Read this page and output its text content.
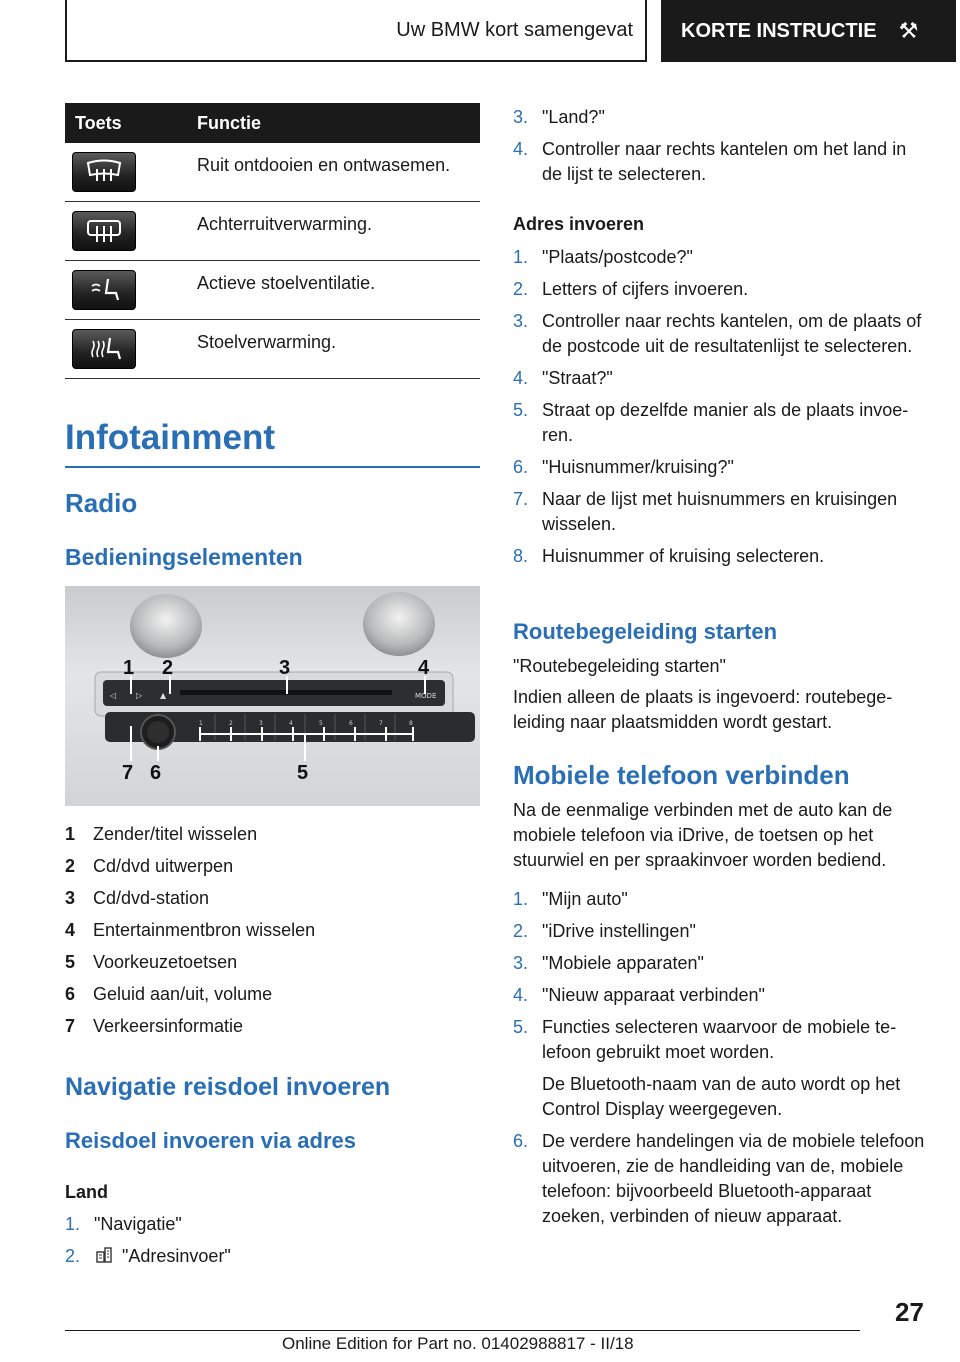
Uw BMW kort samengevat KORTE INSTRUCTIE ⚒
Toets	Functie
Ruit ontdooien en ontwasemen.
Achterruitverwarming.
Actieve stoelventilatie.
Stoelverwarming.
Infotainment
Radio
Bedieningselementen
◁ ▷ ▲	MODE
1	2	3	4	5	6	7	8
1 2	3	4
7 6	5
1 Zender/titel wisselen
2 Cd/dvd uitwerpen
3 Cd/dvd-station
4 Entertainmentbron wisselen
5 Voorkeuzetoetsen
6 Geluid aan/uit, volume
7 Verkeersinformatie
Navigatie reisdoel invoeren
Reisdoel invoeren via adres
Land
1. "Navigatie"
2.	"Adresinvoer"
3. "Land?"
4. Controller naar rechts kantelen om het land in de lijst te selecteren.
Adres invoeren
1. "Plaats/postcode?"
2. Letters of cijfers invoeren.
3. Controller naar rechts kantelen, om de plaats of de postcode uit de resultatenlijst te selecteren.
4. "Straat?"
5. Straat op dezelfde manier als de plaats invoeren.
6. "Huisnummer/kruising?"
7. Naar de lijst met huisnummers en kruisingen wisselen.
8. Huisnummer of kruising selecteren.
Routebegeleiding starten
"Routebegeleiding starten"
Indien alleen de plaats is ingevoerd: routebegeleiding naar plaatsmidden wordt gestart.
Mobiele telefoon verbinden
Na de eenmalige verbinden met de auto kan de mobiele telefoon via iDrive, de toetsen op het stuurwiel en per spraakinvoer worden bediend.
1. "Mijn auto"
2. "iDrive instellingen"
3. "Mobiele apparaten"
4. "Nieuw apparaat verbinden"
5. Functies selecteren waarvoor de mobiele telefoon gebruikt moet worden.
De Bluetooth-naam van de auto wordt op het Control Display weergegeven.
6. De verdere handelingen via de mobiele telefoon uitvoeren, zie de handleiding van de, mobiele telefoon: bijvoorbeeld Bluetooth-apparaat zoeken, verbinden of nieuw apparaat.
27
Online Edition for Part no. 01402988817 - II/18
